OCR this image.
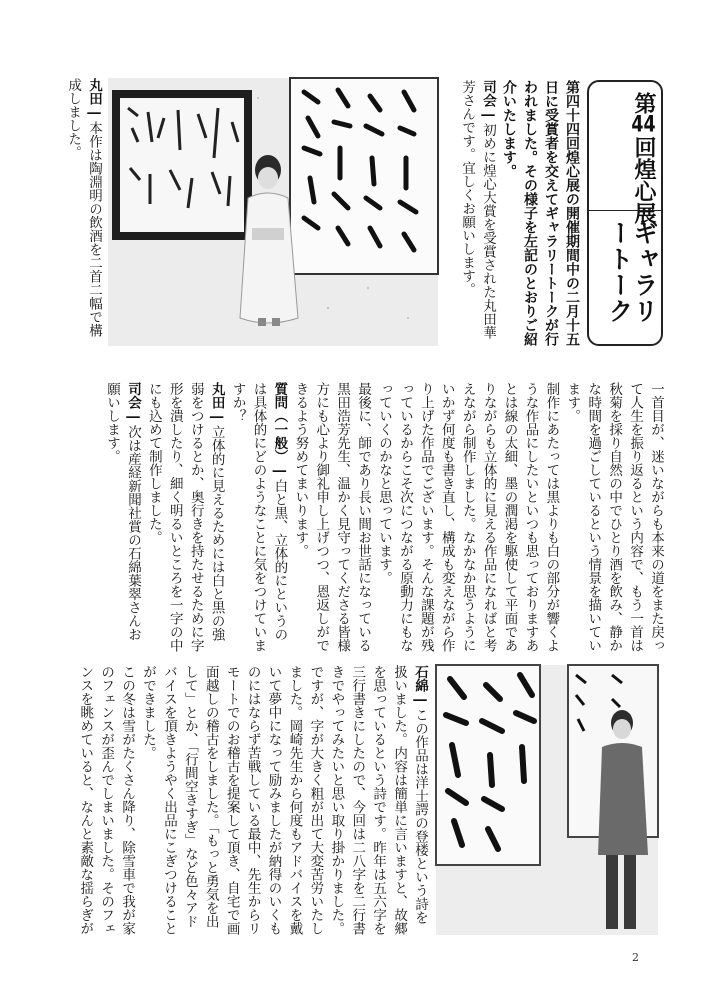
第44回煌心展
ギャラリートーク
第四十四回煌心展の開催期間中の二月十五日に受賞者を交えてギャラリートークが行われました。その様子を左記のとおりご紹介いたします。
司会―初めに煌心大賞を受賞された丸田華芳さんです。宜しくお願いします。
丸田―本作は陶淵明の飲酒を二首二幅で構成しました。
一首目が、迷いながらも本来の道をまた戻って人生を振り返るという内容で、もう一首は秋菊を採り自然の中でひとり酒を飲み、静かな時間を過ごしているという情景を描いています。
制作にあたっては黒よりも白の部分が響くような作品にしたいといつも思っておりますあとは線の太細、墨の潤渇を駆使して平面でありながらも立体的に見える作品になればと考えながら制作しました。なかなか思うようにいかず何度も書き直し、構成も変えながら作り上げた作品でございます。そんな課題が残っているからこそ次につながる原動力にもなっていくのかなと思っています。
最後に、師であり長い間お世話になっている黒田浩芳先生、温かく見守ってくださる皆様方にも心より御礼申し上げつつ、恩返しができるよう努めてまいります。
質問（一般）―白と黒、立体的にというのは具体的にどのようなことに気をつけていますか？
丸田―立体的に見えるためには白と黒の強弱をつけるとか、奥行きを持たせるために字形を潰したり、細く明るいところを一字の中にも込めて制作しました。
司会―次は産経新聞社賞の石綿葉翠さんお願いします。
石綿―この作品は洋士諤の登楼という詩を扱いました。内容は簡単に言いますと、故郷を思っているという詩です。昨年は五六字を三行書きにしたので、今回は二八字を二行書きでやってみたいと思い取り掛かりました。ですが、字が大きく粗が出て大変苦労いたしました。岡崎先生から何度もアドバイスを戴いて夢中になって励みましたが納得のいくものにはならず苦戦している最中、先生からリモートでのお稽古を提案して頂き、自宅で画面越しの稽古をしました。「もっと勇気を出して」とか、「行間空きすぎ」など色々アドバイスを頂きようやく出品にこぎつけることができました。
この冬は雪がたくさん降り、除雪車で我が家のフェンスが歪んでしまいました。そのフェンスを眺めていると、なんと素敵な揺らぎが
2
